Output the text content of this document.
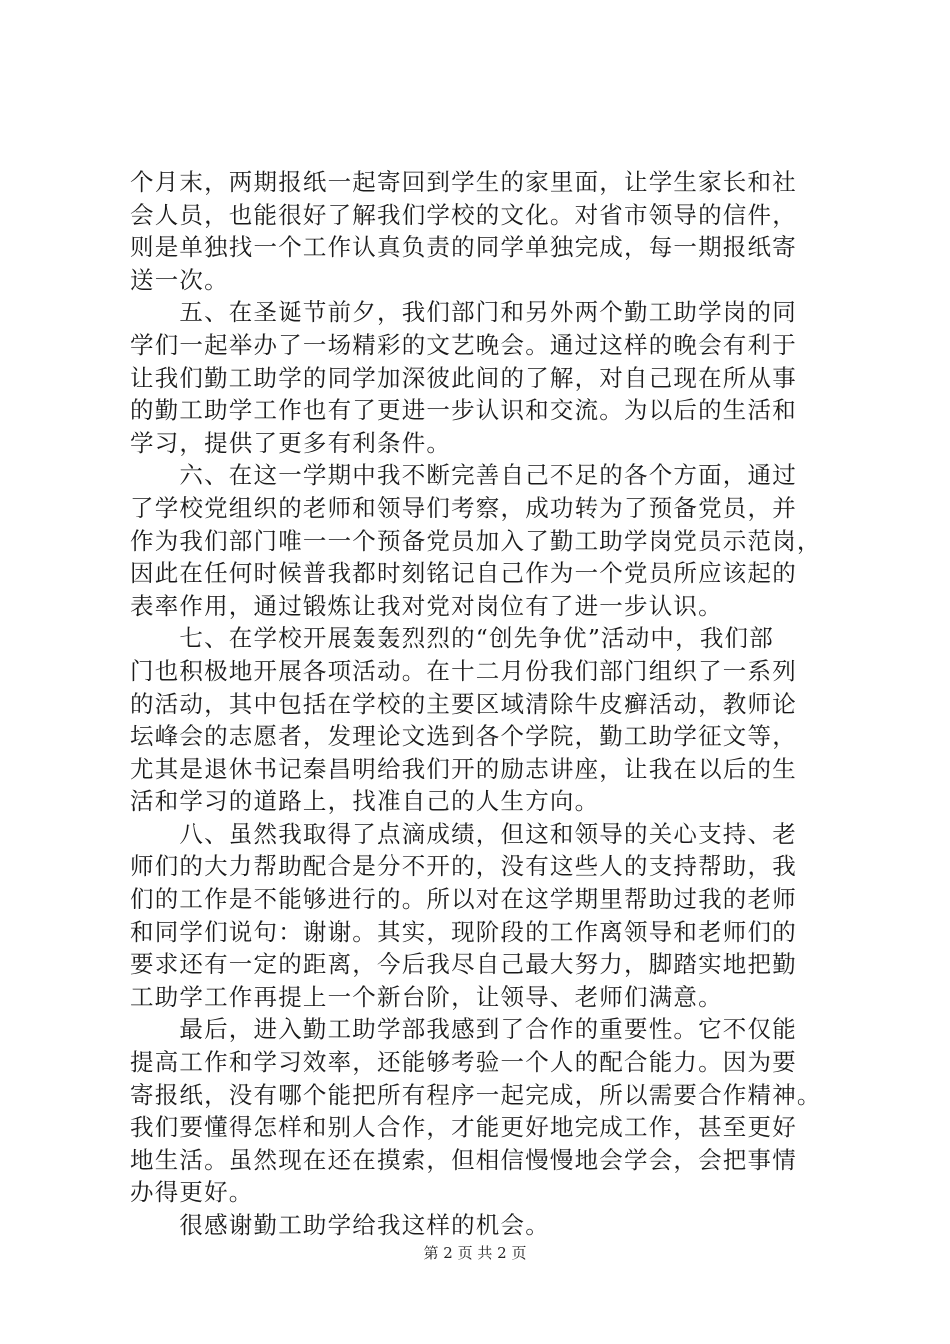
个月末，两期报纸一起寄回到学生的家里面，让学生家长和社
会人员，也能很好了解我们学校的文化。对省市领导的信件，
则是单独找一个工作认真负责的同学单独完成，每一期报纸寄
送一次。
　　五、在圣诞节前夕，我们部门和另外两个勤工助学岗的同
学们一起举办了一场精彩的文艺晚会。通过这样的晚会有利于
让我们勤工助学的同学加深彼此间的了解，对自己现在所从事
的勤工助学工作也有了更进一步认识和交流。为以后的生活和
学习，提供了更多有利条件。
　　六、在这一学期中我不断完善自己不足的各个方面，通过
了学校党组织的老师和领导们考察，成功转为了预备党员，并
作为我们部门唯一一个预备党员加入了勤工助学岗党员示范岗，
因此在任何时候普我都时刻铭记自己作为一个党员所应该起的
表率作用，通过锻炼让我对党对岗位有了进一步认识。
　　七、在学校开展轰轰烈烈的“创先争优”活动中，我们部
门也积极地开展各项活动。在十二月份我们部门组织了一系列
的活动，其中包括在学校的主要区域清除牛皮癣活动，教师论
坛峰会的志愿者，发理论文选到各个学院，勤工助学征文等，
尤其是退休书记秦昌明给我们开的励志讲座，让我在以后的生
活和学习的道路上，找准自己的人生方向。
　　八、虽然我取得了点滴成绩，但这和领导的关心支持、老
师们的大力帮助配合是分不开的，没有这些人的支持帮助，我
们的工作是不能够进行的。所以对在这学期里帮助过我的老师
和同学们说句：谢谢。其实，现阶段的工作离领导和老师们的
要求还有一定的距离，今后我尽自己最大努力，脚踏实地把勤
工助学工作再提上一个新台阶，让领导、老师们满意。
　　最后，进入勤工助学部我感到了合作的重要性。它不仅能
提高工作和学习效率，还能够考验一个人的配合能力。因为要
寄报纸，没有哪个能把所有程序一起完成，所以需要合作精神。
我们要懂得怎样和别人合作，才能更好地完成工作，甚至更好
地生活。虽然现在还在摸索，但相信慢慢地会学会，会把事情
办得更好。
　　很感谢勤工助学给我这样的机会。
第 2 页 共 2 页
